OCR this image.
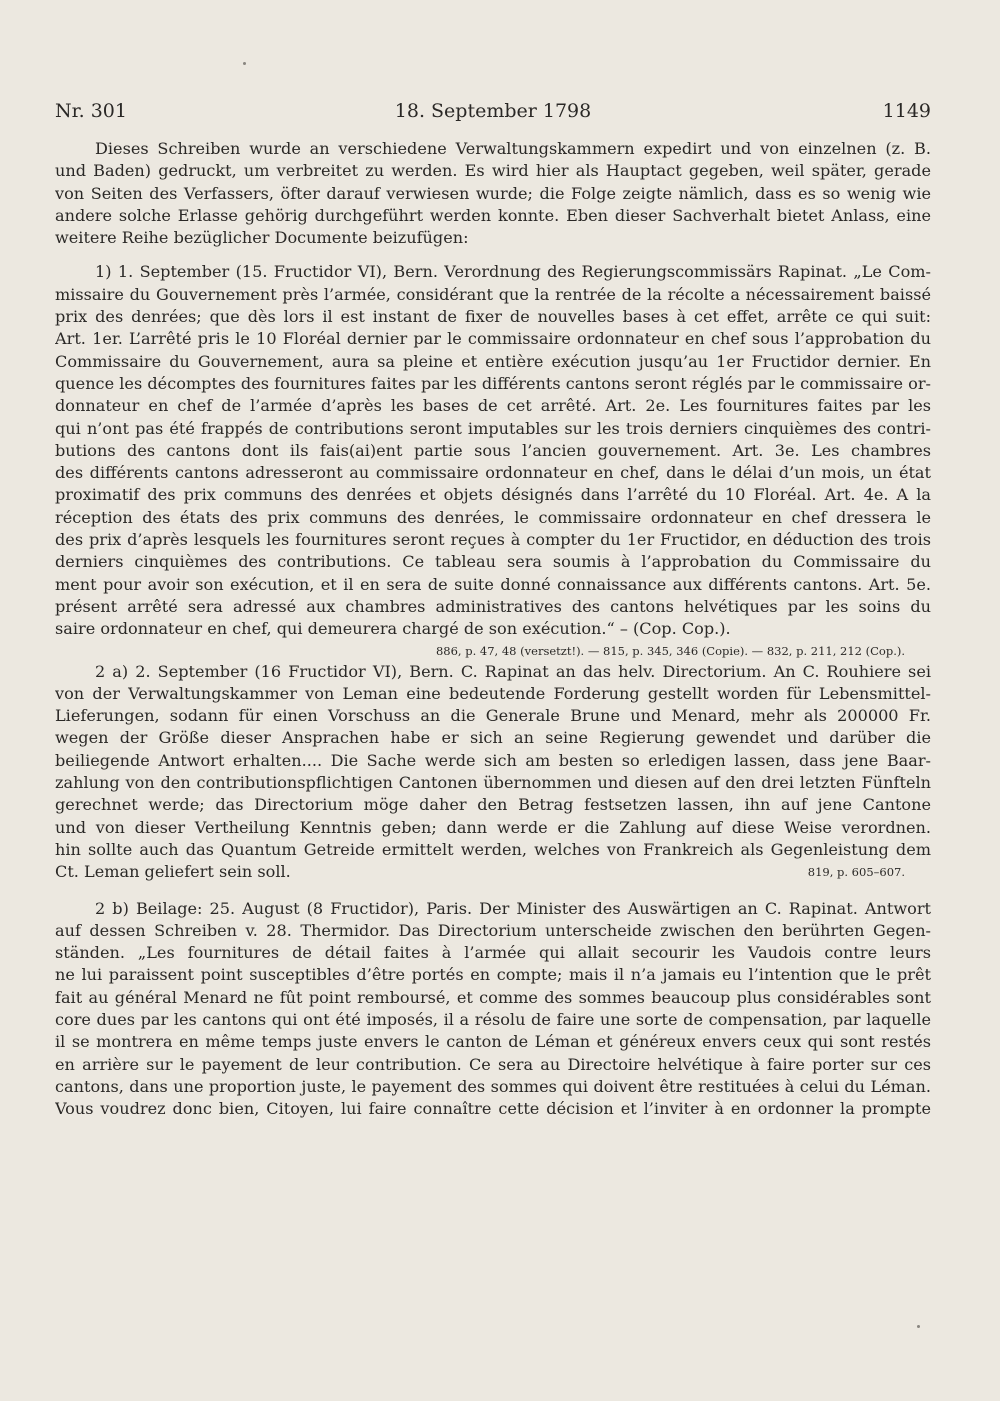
Nr. 301	18. September 1798	1149
Dieses Schreiben wurde an verschiedene Verwaltungskammern expedirt und von einzelnen (z. B.
und Baden) gedruckt, um verbreitet zu werden. Es wird hier als Hauptact gegeben, weil später, gerade
von Seiten des Verfassers, öfter darauf verwiesen wurde; die Folge zeigte nämlich, dass es so wenig wie
andere solche Erlasse gehörig durchgeführt werden konnte. Eben dieser Sachverhalt bietet Anlass, eine
weitere Reihe bezüglicher Documente beizufügen:
1) 1. September (15. Fructidor VI), Bern. Verordnung des Regierungscommissärs Rapinat. „Le Com-
missaire du Gouvernement près l’armée, considérant que la rentrée de la récolte a nécessairement baissé
prix des denrées; que dès lors il est instant de fixer de nouvelles bases à cet effet, arrête ce qui suit:
Art. 1er. L’arrêté pris le 10 Floréal dernier par le commissaire ordonnateur en chef sous l’approbation du
Commissaire du Gouvernement, aura sa pleine et entière exécution jusqu’au 1er Fructidor dernier. En
quence les décomptes des fournitures faites par les différents cantons seront réglés par le commissaire or-
donnateur en chef de l’armée d’après les bases de cet arrêté. Art. 2e. Les fournitures faites par les
qui n’ont pas été frappés de contributions seront imputables sur les trois derniers cinquièmes des contri-
butions des cantons dont ils fais(ai)ent partie sous l’ancien gouvernement. Art. 3e. Les chambres
des différents cantons adresseront au commissaire ordonnateur en chef, dans le délai d’un mois, un état
proximatif des prix communs des denrées et objets désignés dans l’arrêté du 10 Floréal. Art. 4e. A la
réception des états des prix communs des denrées, le commissaire ordonnateur en chef dressera le
des prix d’après lesquels les fournitures seront reçues à compter du 1er Fructidor, en déduction des trois
derniers cinquièmes des contributions. Ce tableau sera soumis à l’approbation du Commissaire du
ment pour avoir son exécution, et il en sera de suite donné connaissance aux différents cantons. Art. 5e.
présent arrêté sera adressé aux chambres administratives des cantons helvétiques par les soins du
saire ordonnateur en chef, qui demeurera chargé de son exécution.“ – (Cop. Cop.).
886, p. 47, 48 (versetzt!). — 815, p. 345, 346 (Copie). — 832, p. 211, 212 (Cop.).
2 a) 2. September (16 Fructidor VI), Bern. C. Rapinat an das helv. Directorium. An C. Rouhiere sei
von der Verwaltungskammer von Leman eine bedeutende Forderung gestellt worden für Lebensmittel-
Lieferungen, sodann für einen Vorschuss an die Generale Brune und Menard, mehr als 200000 Fr.
wegen der Größe dieser Ansprachen habe er sich an seine Regierung gewendet und darüber die
beiliegende Antwort erhalten.... Die Sache werde sich am besten so erledigen lassen, dass jene Baar-
zahlung von den contributionspflichtigen Cantonen übernommen und diesen auf den drei letzten Fünfteln
gerechnet werde; das Directorium möge daher den Betrag festsetzen lassen, ihn auf jene Cantone
und von dieser Vertheilung Kenntnis geben; dann werde er die Zahlung auf diese Weise verordnen.
hin sollte auch das Quantum Getreide ermittelt werden, welches von Frankreich als Gegenleistung dem
Ct. Leman geliefert sein soll.	819, p. 605–607.
2 b) Beilage: 25. August (8 Fructidor), Paris. Der Minister des Auswärtigen an C. Rapinat. Antwort
auf dessen Schreiben v. 28. Thermidor. Das Directorium unterscheide zwischen den berührten Gegen-
ständen. „Les fournitures de détail faites à l’armée qui allait secourir les Vaudois contre leurs
ne lui paraissent point susceptibles d’être portés en compte; mais il n’a jamais eu l’intention que le prêt
fait au général Menard ne fût point remboursé, et comme des sommes beaucoup plus considérables sont
core dues par les cantons qui ont été imposés, il a résolu de faire une sorte de compensation, par laquelle
il se montrera en même temps juste envers le canton de Léman et généreux envers ceux qui sont restés
en arrière sur le payement de leur contribution. Ce sera au Directoire helvétique à faire porter sur ces
cantons, dans une proportion juste, le payement des sommes qui doivent être restituées à celui du Léman.
Vous voudrez donc bien, Citoyen, lui faire connaître cette décision et l’inviter à en ordonner la prompte
